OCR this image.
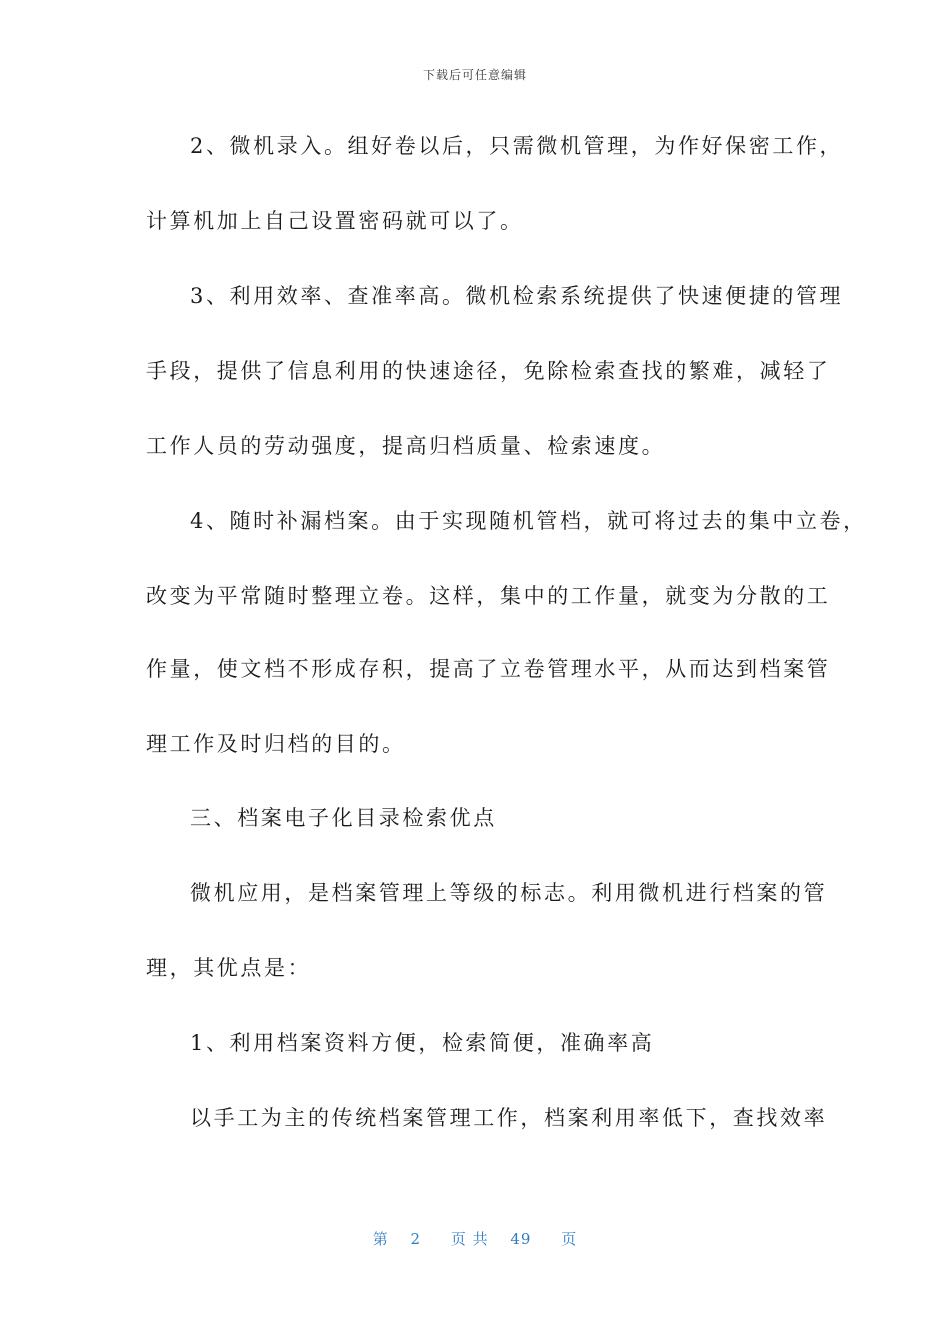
下载后可任意编辑
2、微机录入。组好卷以后，只需微机管理，为作好保密工作，
计算机加上自己设置密码就可以了。
3、利用效率、查准率高。微机检索系统提供了快速便捷的管理
手段，提供了信息利用的快速途径，免除检索查找的繁难，减轻了
工作人员的劳动强度，提高归档质量、检索速度。
4、随时补漏档案。由于实现随机管档，就可将过去的集中立卷，
改变为平常随时整理立卷。这样，集中的工作量，就变为分散的工
作量，使文档不形成存积，提高了立卷管理水平，从而达到档案管
理工作及时归档的目的。
三、档案电子化目录检索优点
微机应用，是档案管理上等级的标志。利用微机进行档案的管
理，其优点是：
1、利用档案资料方便，检索简便，准确率高
以手工为主的传统档案管理工作，档案利用率低下，查找效率
第 2 页 共 49 页
